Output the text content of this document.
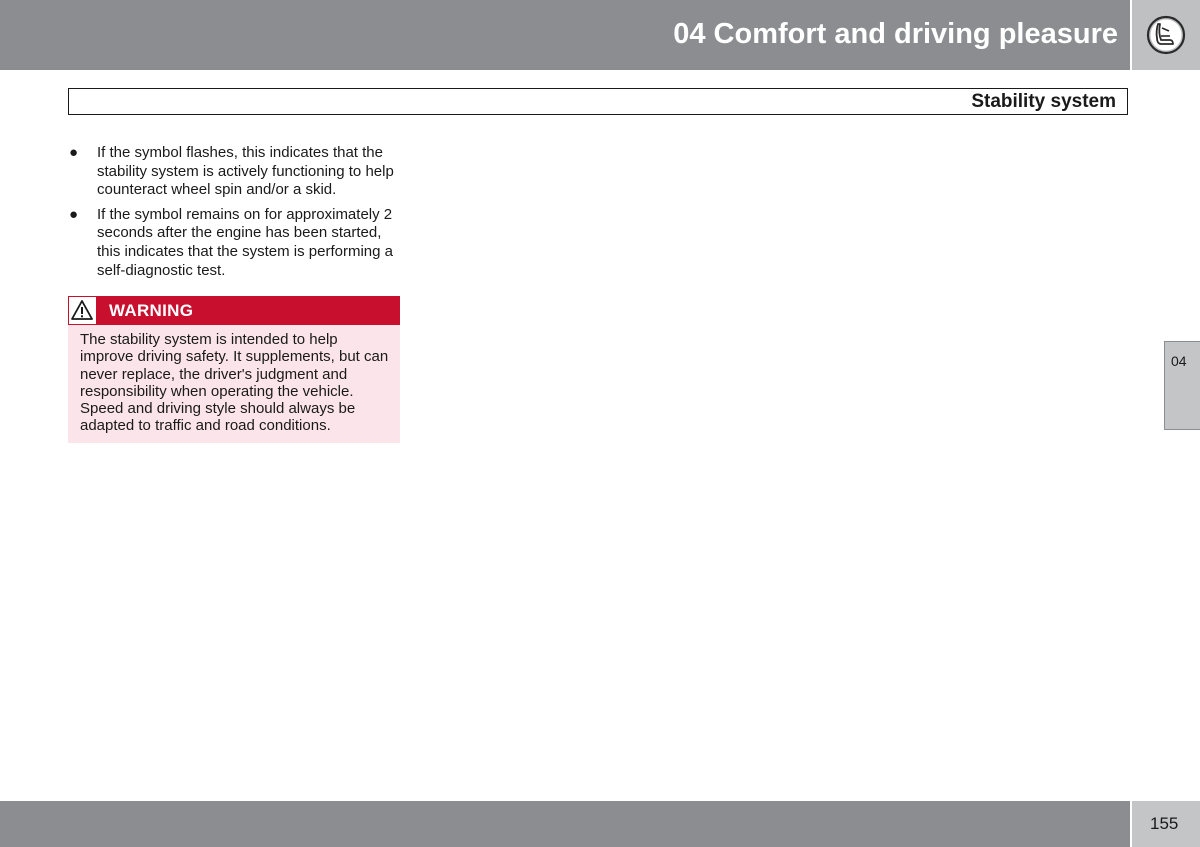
04 Comfort and driving pleasure
Stability system
● If the symbol flashes, this indicates that the stability system is actively functioning to help counteract wheel spin and/or a skid.
● If the symbol remains on for approximately 2 seconds after the engine has been started, this indicates that the system is performing a self-diagnostic test.
WARNING

The stability system is intended to help improve driving safety. It supplements, but can never replace, the driver's judgment and responsibility when operating the vehicle. Speed and driving style should always be adapted to traffic and road conditions.

04
155
